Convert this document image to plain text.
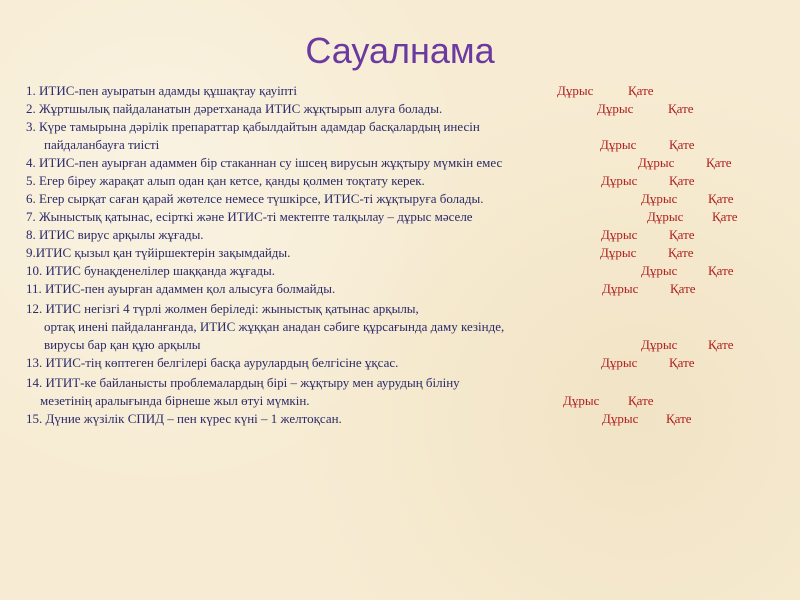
Сауалнама
1. ИТИС-пен ауыратын адамды құшақтау қауіпті	Дұрыс	Қате
2. Жұртшылық пайдаланатын дәретханада ИТИС жұқтырып алуға болады.	Дұрыс	Қате
3. Күре тамырына дәрілік препараттар қабылдайтын адамдар басқалардың инесін
пайдаланбауға тиісті	Дұрыс	Қате
4. ИТИС-пен ауырған адаммен бір стаканнан су ішсең вирусын жұқтыру мүмкін емес	Дұрыс Қате
5. Егер біреу жарақат алып одан қан кетсе, қанды қолмен тоқтату керек.	Дұрыс Қате
6. Егер сырқат саған қарай жөтелсе немесе түшкірсе, ИТИС-ті жұқтыруға болады.	Дұрыс Қате
7. Жыныстық қатынас, есірткі және ИТИС-ті мектепте талқылау – дұрыс мәселе	Дұрыс Қате
8. ИТИС вирус арқылы жұғады.	Дұрыс Қате
9.ИТИС қызыл қан түйіршектерін зақымдайды.	Дұрыс Қате
10. ИТИС бунақденелілер шаққанда жұғады.	Дұрыс Қате
11. ИТИС-пен ауырған адаммен қол алысуға болмайды.	Дұрыс Қате
12. ИТИС негізгі 4 түрлі жолмен беріледі: жыныстық қатынас арқылы,
ортақ инені пайдаланғанда, ИТИС жұққан анадан сәбиге құрсағында даму кезінде,
вирусы бар қан құю арқылы	Дұрыс Қате
13. ИТИС-тің көптеген белгілері басқа аурулардың белгісіне ұқсас.	Дұрыс Қате
14. ИТИТ-ке байланысты проблемалардың бірі – жұқтыру мен аурудың біліну
мезетінің аралығында бірнеше жыл өтуі мүмкін.	Дұрыс Қате
15. Дүние жүзілік СПИД – пен күрес күні – 1 желтоқсан.	Дұрыс Қате
